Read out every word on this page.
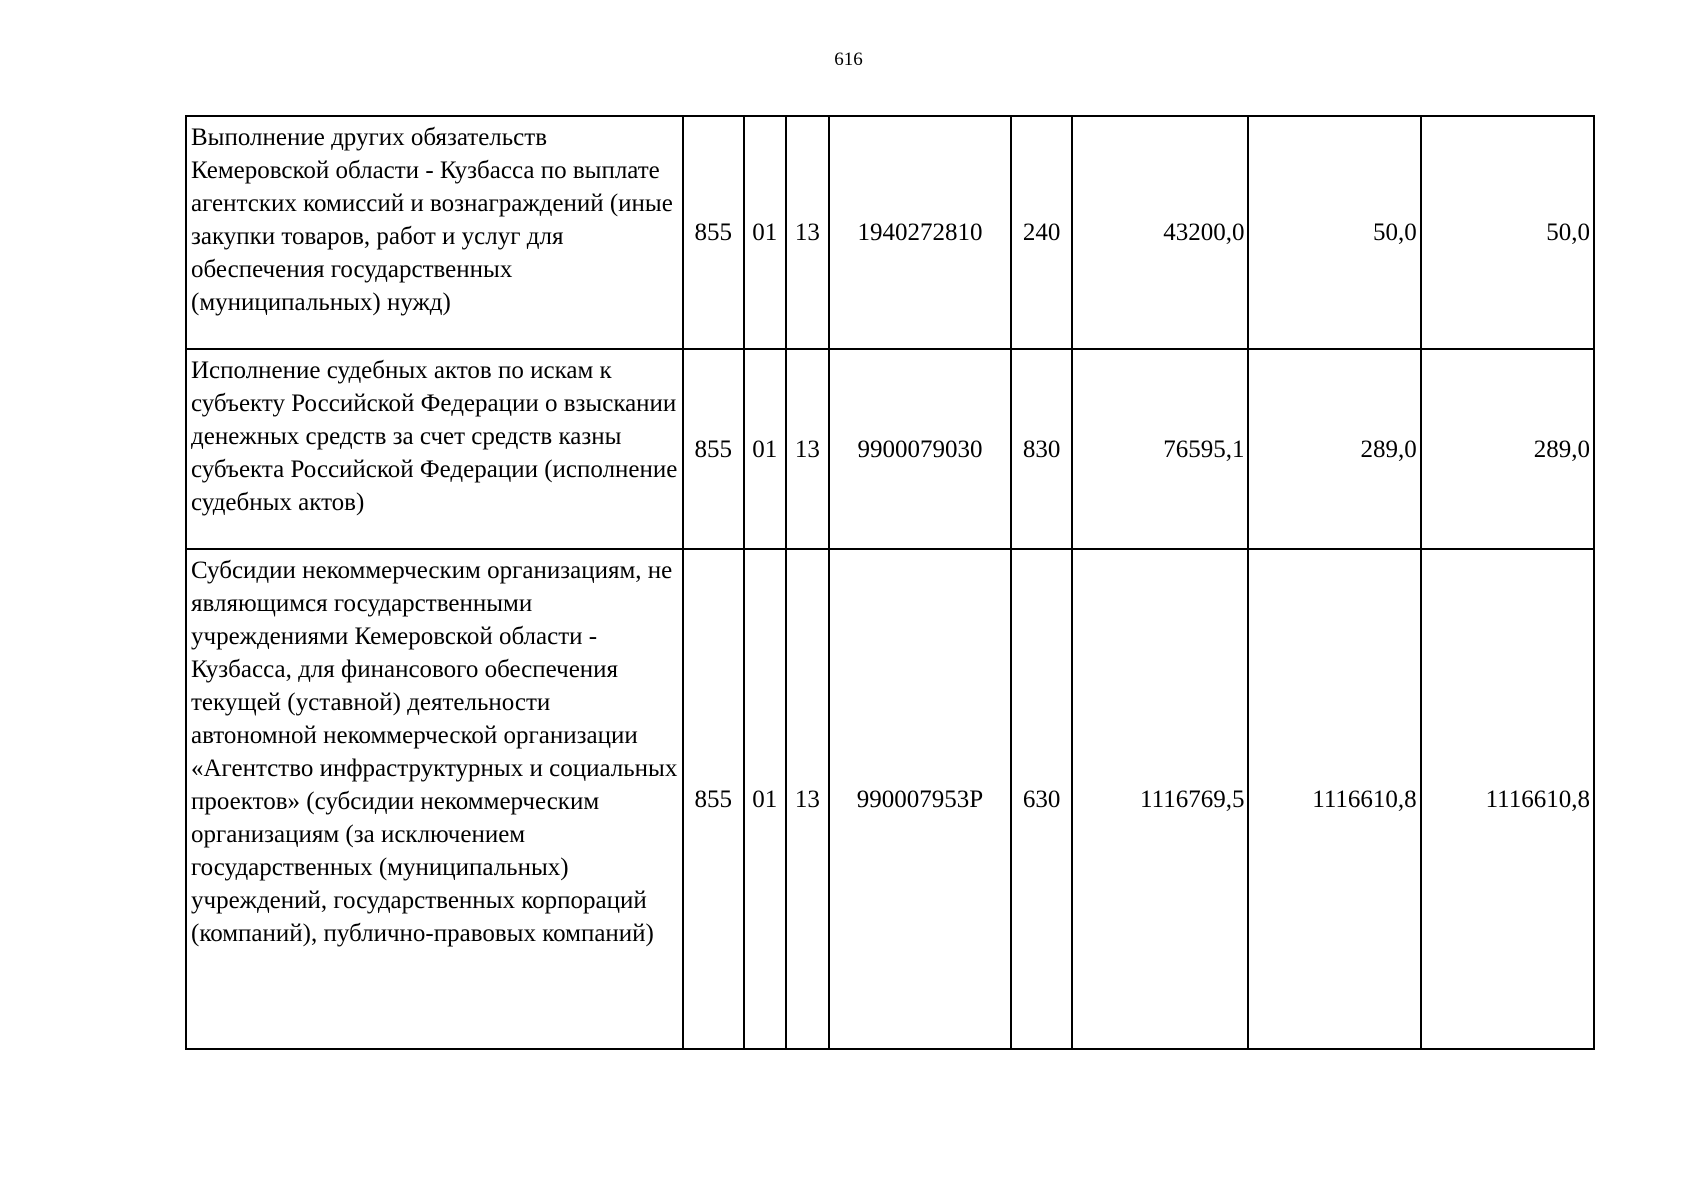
616
Выполнение других обязательств Кемеровской области - Кузбасса по выплате агентских комиссий и вознаграждений (иные закупки товаров, работ и услуг для обеспечения государственных (муниципальных) нужд)	855	01	13	1940272810	240	43200,0	50,0	50,0
Исполнение судебных актов по искам к субъекту Российской Федерации о взыскании денежных средств за счет средств казны субъекта Российской Федерации (исполнение судебных актов)	855	01	13	9900079030	830	76595,1	289,0	289,0
Субсидии некоммерческим организациям, не являющимся государственными учреждениями Кемеровской области - Кузбасса, для финансового обеспечения текущей (уставной) деятельности автономной некоммерческой организации «Агентство инфраструктурных и социальных проектов» (субсидии некоммерческим организациям (за исключением государственных (муниципальных) учреждений, государственных корпораций (компаний), публично-правовых компаний)	855	01	13	990007953P	630	1116769,5	1116610,8	1116610,8
